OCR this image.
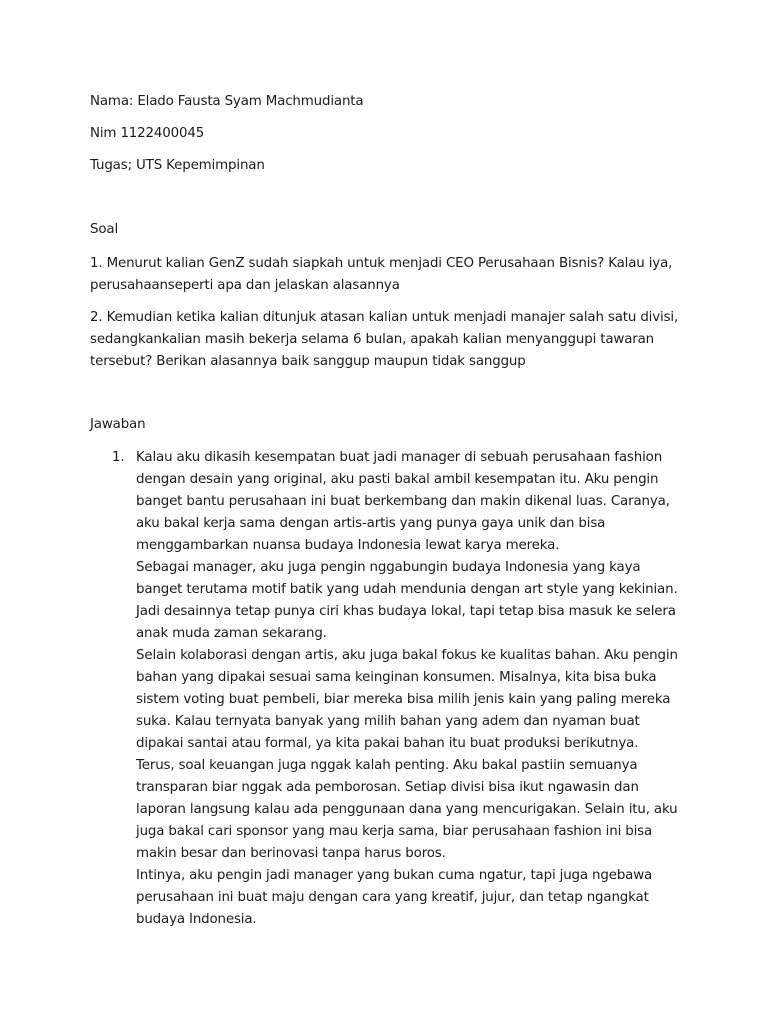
Nama: Elado Fausta Syam Machmudianta

Nim 1122400045

Tugas; UTS Kepemimpinan

Soal

1. Menurut kalian GenZ sudah siapkah untuk menjadi CEO Perusahaan Bisnis? Kalau iya, perusahaanseperti apa dan jelaskan alasannya

2. Kemudian ketika kalian ditunjuk atasan kalian untuk menjadi manajer salah satu divisi, sedangkankalian masih bekerja selama 6 bulan, apakah kalian menyanggupi tawaran tersebut? Berikan alasannya baik sanggup maupun tidak sanggup

Jawaban

1. Kalau aku dikasih kesempatan buat jadi manager di sebuah perusahaan fashion dengan desain yang original, aku pasti bakal ambil kesempatan itu. Aku pengin banget bantu perusahaan ini buat berkembang dan makin dikenal luas. Caranya, aku bakal kerja sama dengan artis-artis yang punya gaya unik dan bisa menggambarkan nuansa budaya Indonesia lewat karya mereka.

Sebagai manager, aku juga pengin nggabungin budaya Indonesia yang kaya banget terutama motif batik yang udah mendunia dengan art style yang kekinian. Jadi desainnya tetap punya ciri khas budaya lokal, tapi tetap bisa masuk ke selera anak muda zaman sekarang.

Selain kolaborasi dengan artis, aku juga bakal fokus ke kualitas bahan. Aku pengin bahan yang dipakai sesuai sama keinginan konsumen. Misalnya, kita bisa buka sistem voting buat pembeli, biar mereka bisa milih jenis kain yang paling mereka suka. Kalau ternyata banyak yang milih bahan yang adem dan nyaman buat dipakai santai atau formal, ya kita pakai bahan itu buat produksi berikutnya.

Terus, soal keuangan juga nggak kalah penting. Aku bakal pastiin semuanya transparan biar nggak ada pemborosan. Setiap divisi bisa ikut ngawasin dan laporan langsung kalau ada penggunaan dana yang mencurigakan. Selain itu, aku juga bakal cari sponsor yang mau kerja sama, biar perusahaan fashion ini bisa makin besar dan berinovasi tanpa harus boros.

Intinya, aku pengin jadi manager yang bukan cuma ngatur, tapi juga ngebawa perusahaan ini buat maju dengan cara yang kreatif, jujur, dan tetap ngangkat budaya Indonesia.
